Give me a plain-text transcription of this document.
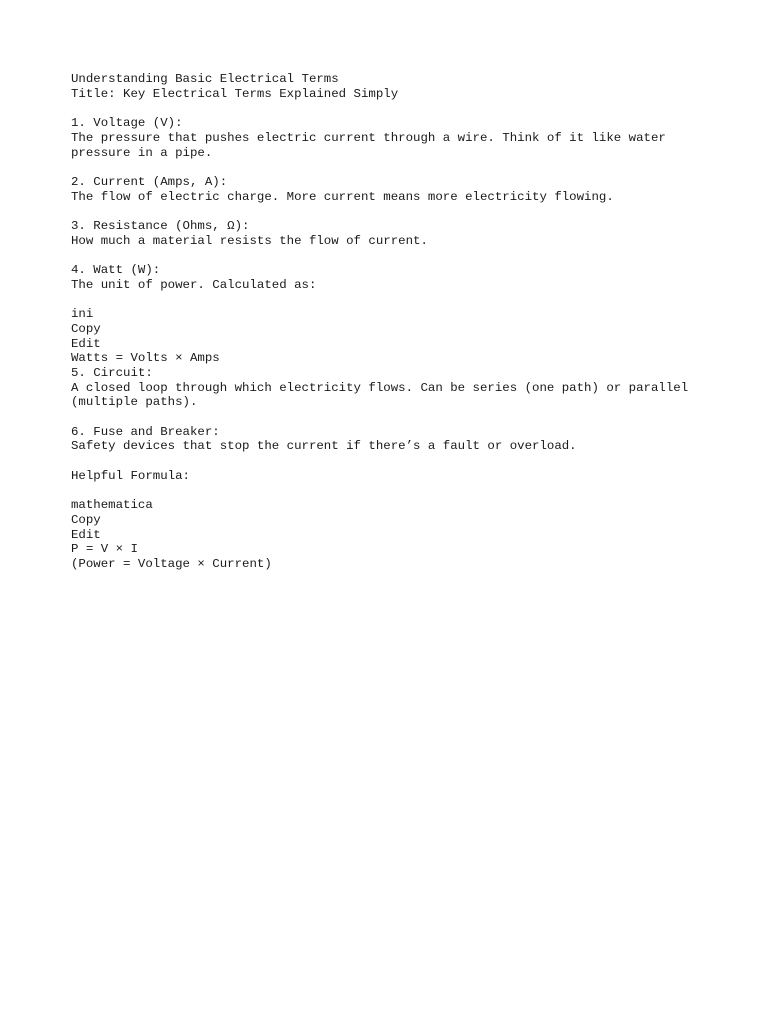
Understanding Basic Electrical Terms
Title: Key Electrical Terms Explained Simply
1. Voltage (V):
The pressure that pushes electric current through a wire. Think of it like water
pressure in a pipe.
2. Current (Amps, A):
The flow of electric charge. More current means more electricity flowing.
3. Resistance (Ohms, Ω):
How much a material resists the flow of current.
4. Watt (W):
The unit of power. Calculated as:
ini
Copy
Edit
Watts = Volts × Amps
5. Circuit:
A closed loop through which electricity flows. Can be series (one path) or parallel
(multiple paths).
6. Fuse and Breaker:
Safety devices that stop the current if there’s a fault or overload.
Helpful Formula:
mathematica
Copy
Edit
P = V × I
(Power = Voltage × Current)
